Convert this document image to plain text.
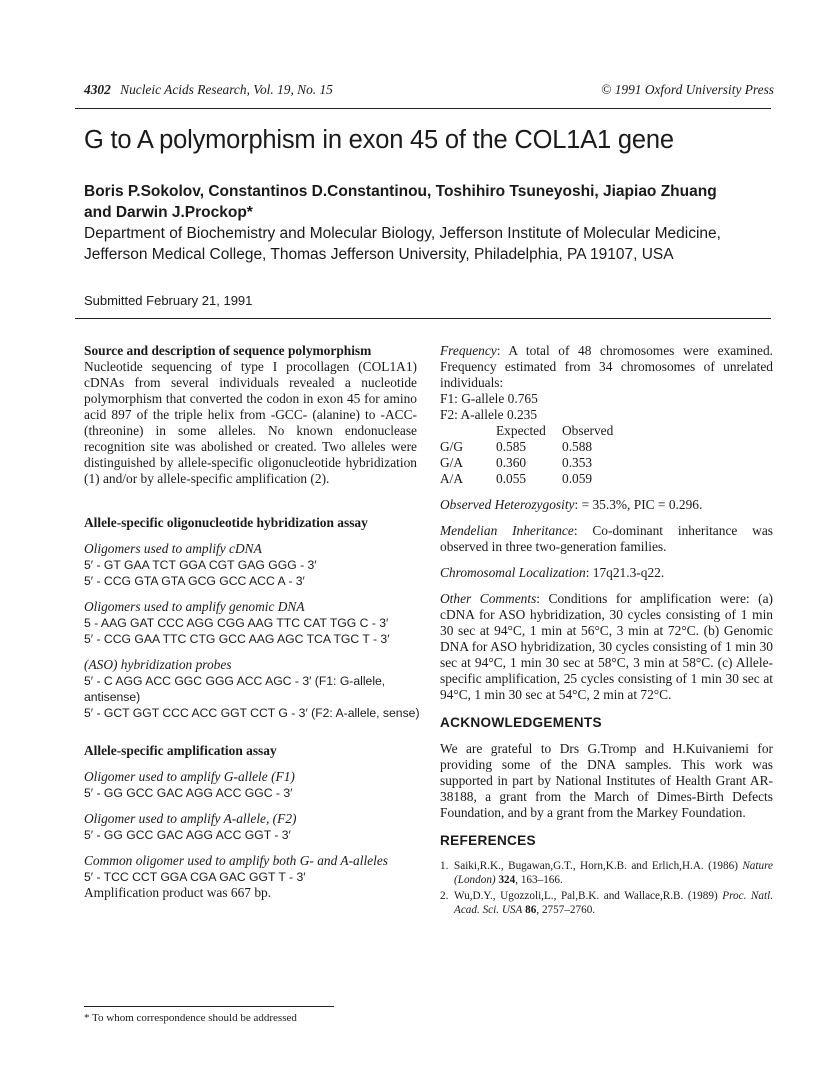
4302 Nucleic Acids Research, Vol. 19, No. 15	© 1991 Oxford University Press
G to A polymorphism in exon 45 of the COL1A1 gene
Boris P.Sokolov, Constantinos D.Constantinou, Toshihiro Tsuneyoshi, Jiapiao Zhuang and Darwin J.Prockop*
Department of Biochemistry and Molecular Biology, Jefferson Institute of Molecular Medicine, Jefferson Medical College, Thomas Jefferson University, Philadelphia, PA 19107, USA
Submitted February 21, 1991

Source and description of sequence polymorphism

Nucleotide sequencing of type I procollagen (COL1A1) cDNAs from several individuals revealed a nucleotide polymorphism that converted the codon in exon 45 for amino acid 897 of the triple helix from -GCC- (alanine) to -ACC- (threonine) in some alleles. No known endonuclease recognition site was abolished or created. Two alleles were distinguished by allele-specific oligonucleotide hybridization (1) and/or by allele-specific amplification (2).

Allele-specific oligonucleotide hybridization assay

Oligomers used to amplify cDNA

5′ - GT GAA TCT GGA CGT GAG GGG - 3′

5′ - CCG GTA GTA GCG GCC ACC A - 3′

Oligomers used to amplify genomic DNA

5 - AAG GAT CCC AGG CGG AAG TTC CAT TGG C - 3′

5′ - CCG GAA TTC CTG GCC AAG AGC TCA TGC T - 3′

(ASO) hybridization probes

5′ - C AGG ACC GGC GGG ACC AGC - 3′ (F1: G-allele,

antisense)

5′ - GCT GGT CCC ACC GGT CCT G - 3′ (F2: A-allele, sense)

Allele-specific amplification assay

Oligomer used to amplify G-allele (F1)

5′ - GG GCC GAC AGG ACC GGC - 3′

Oligomer used to amplify A-allele, (F2)

5′ - GG GCC GAC AGG ACC GGT - 3′

Common oligomer used to amplify both G- and A-alleles

5′ - TCC CCT GGA CGA GAC GGT T - 3′

Amplification product was 667 bp.

Frequency: A total of 48 chromosomes were examined. Frequency estimated from 34 chromosomes of unrelated individuals:

F1: G-allele 0.765

F2: A-allele 0.235

	Expected	Observed
G/G	0.585	0.588
G/A	0.360	0.353
A/A	0.055	0.059

Observed Heterozygosity: = 35.3%, PIC = 0.296.

Mendelian Inheritance: Co-dominant inheritance was observed in three two-generation families.

Chromosomal Localization: 17q21.3-q22.

Other Comments: Conditions for amplification were: (a) cDNA for ASO hybridization, 30 cycles consisting of 1 min 30 sec at 94°C, 1 min at 56°C, 3 min at 72°C. (b) Genomic DNA for ASO hybridization, 30 cycles consisting of 1 min 30 sec at 94°C, 1 min 30 sec at 58°C, 3 min at 58°C. (c) Allele-specific amplification, 25 cycles consisting of 1 min 30 sec at 94°C, 1 min 30 sec at 54°C, 2 min at 72°C.

ACKNOWLEDGEMENTS

We are grateful to Drs G.Tromp and H.Kuivaniemi for providing some of the DNA samples. This work was supported in part by National Institutes of Health Grant AR-38188, a grant from the March of Dimes-Birth Defects Foundation, and by a grant from the Markey Foundation.

REFERENCES

1. Saiki,R.K., Bugawan,G.T., Horn,K.B. and Erlich,H.A. (1986) Nature (London) 324, 163–166.
2. Wu,D.Y., Ugozzoli,L., Pal,B.K. and Wallace,R.B. (1989) Proc. Natl. Acad. Sci. USA 86, 2757–2760.
* To whom correspondence should be addressed
